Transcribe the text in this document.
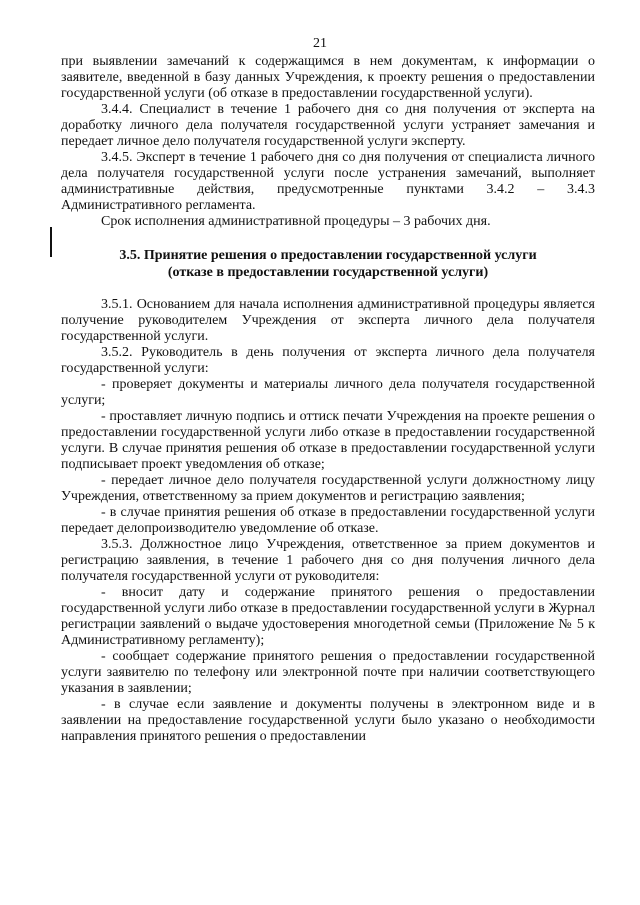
21

при выявлении замечаний к содержащимся в нем документам, к информации о заявителе, введенной в базу данных Учреждения, к проекту решения о предоставлении государственной услуги (об отказе в предоставлении государственной услуги).

3.4.4. Специалист в течение 1 рабочего дня со дня получения от эксперта на доработку личного дела получателя государственной услуги устраняет замечания и передает личное дело получателя государственной услуги эксперту.

3.4.5. Эксперт в течение 1 рабочего дня со дня получения от специалиста личного дела получателя государственной услуги после устранения замечаний, выполняет административные действия, предусмотренные пунктами 3.4.2 – 3.4.3 Административного регламента.

Срок исполнения административной процедуры – 3 рабочих дня.

3.5. Принятие решения о предоставлении государственной услуги
(отказе в предоставлении государственной услуги)

3.5.1. Основанием для начала исполнения административной процедуры является получение руководителем Учреждения от эксперта личного дела получателя государственной услуги.

3.5.2. Руководитель в день получения от эксперта личного дела получателя государственной услуги:

- проверяет документы и материалы личного дела получателя государственной услуги;

- проставляет личную подпись и оттиск печати Учреждения на проекте решения о предоставлении государственной услуги либо отказе в предоставлении государственной услуги. В случае принятия решения об отказе в предоставлении государственной услуги подписывает проект уведомления об отказе;

- передает личное дело получателя государственной услуги должностному лицу Учреждения, ответственному за прием документов и регистрацию заявления;

- в случае принятия решения об отказе в предоставлении государственной услуги передает делопроизводителю уведомление об отказе.

3.5.3. Должностное лицо Учреждения, ответственное за прием документов и регистрацию заявления, в течение 1 рабочего дня со дня получения личного дела получателя государственной услуги от руководителя:

- вносит дату и содержание принятого решения о предоставлении государственной услуги либо отказе в предоставлении государственной услуги в Журнал регистрации заявлений о выдаче удостоверения многодетной семьи (Приложение № 5 к Административному регламенту);

- сообщает содержание принятого решения о предоставлении государственной услуги заявителю по телефону или электронной почте при наличии соответствующего указания в заявлении;

- в случае если заявление и документы получены в электронном виде и в заявлении на предоставление государственной услуги было указано о необходимости направления принятого решения о предоставлении
